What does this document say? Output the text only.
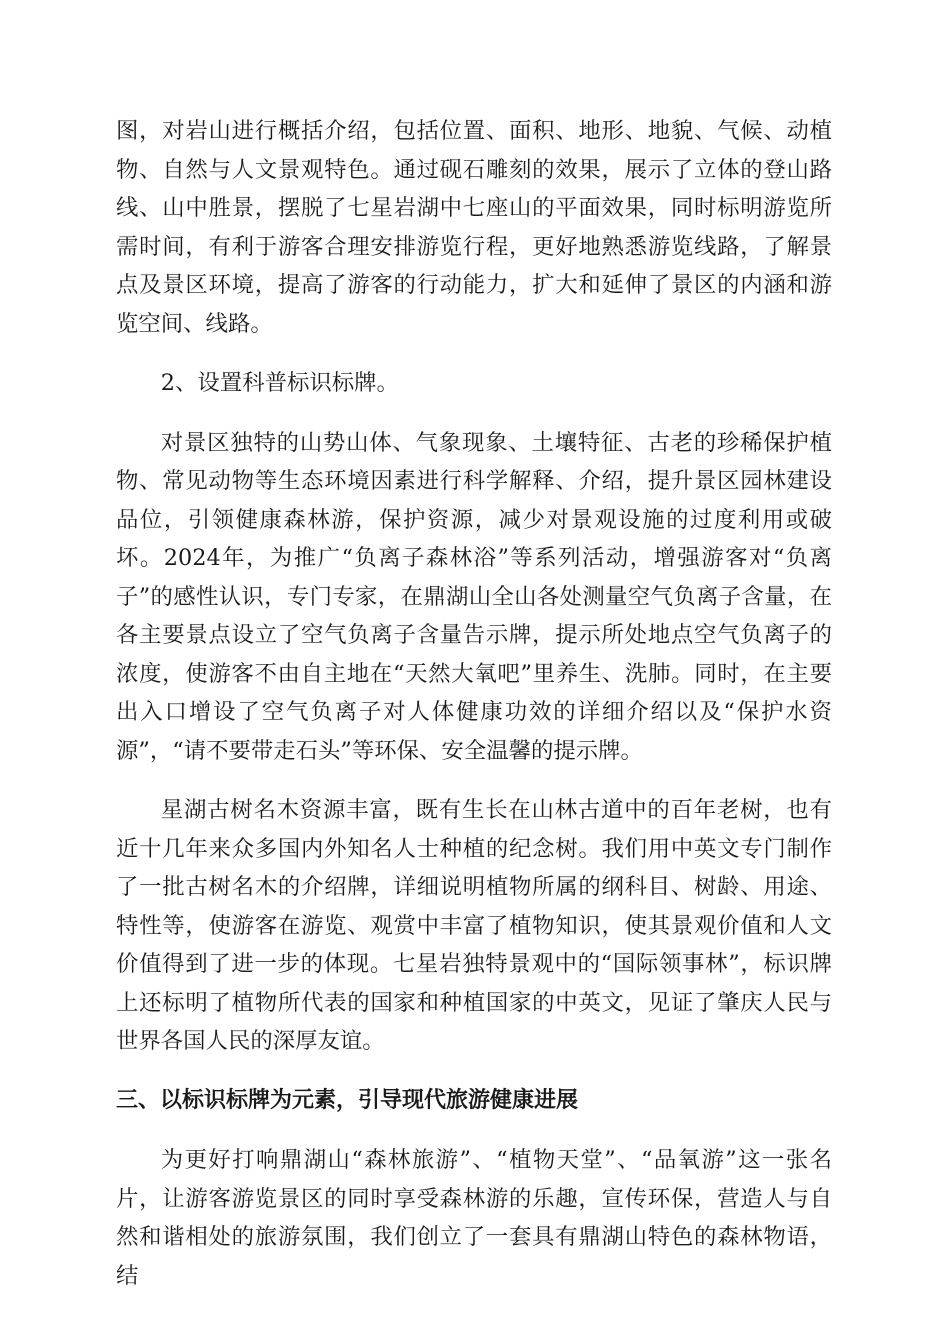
图，对岩山进行概括介绍，包括位置、面积、地形、地貌、气候、动植物、自然与人文景观特色。通过砚石雕刻的效果，展示了立体的登山路线、山中胜景，摆脱了七星岩湖中七座山的平面效果，同时标明游览所需时间，有利于游客合理安排游览行程，更好地熟悉游览线路，了解景点及景区环境，提高了游客的行动能力，扩大和延伸了景区的内涵和游览空间、线路。

2、设置科普标识标牌。

对景区独特的山势山体、气象现象、土壤特征、古老的珍稀保护植物、常见动物等生态环境因素进行科学解释、介绍，提升景区园林建设品位，引领健康森林游，保护资源，减少对景观设施的过度利用或破坏。2024年，为推广“负离子森林浴”等系列活动，增强游客对“负离子”的感性认识，专门专家，在鼎湖山全山各处测量空气负离子含量，在各主要景点设立了空气负离子含量告示牌，提示所处地点空气负离子的浓度，使游客不由自主地在“天然大氧吧”里养生、洗肺。同时，在主要出入口增设了空气负离子对人体健康功效的详细介绍以及“保护水资源”，“请不要带走石头”等环保、安全温馨的提示牌。

星湖古树名木资源丰富，既有生长在山林古道中的百年老树，也有近十几年来众多国内外知名人士种植的纪念树。我们用中英文专门制作了一批古树名木的介绍牌，详细说明植物所属的纲科目、树龄、用途、特性等，使游客在游览、观赏中丰富了植物知识，使其景观价值和人文价值得到了进一步的体现。七星岩独特景观中的“国际领事林”，标识牌上还标明了植物所代表的国家和种植国家的中英文，见证了肇庆人民与世界各国人民的深厚友谊。

三、以标识标牌为元素，引导现代旅游健康进展

为更好打响鼎湖山“森林旅游”、“植物天堂”、“品氧游”这一张名片，让游客游览景区的同时享受森林游的乐趣，宣传环保，营造人与自然和谐相处的旅游氛围，我们创立了一套具有鼎湖山特色的森林物语，结
